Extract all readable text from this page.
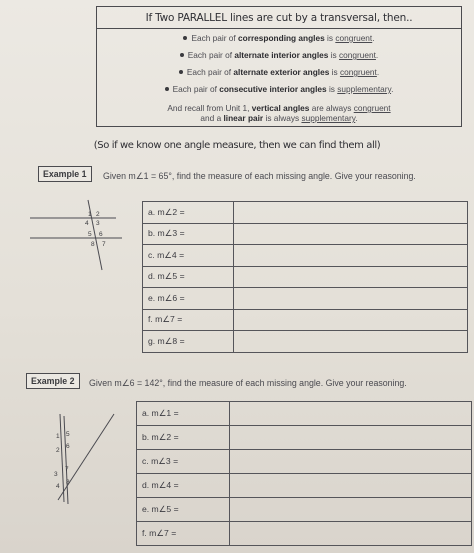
If Two PARALLEL lines are cut by a transversal, then..
Each pair of corresponding angles is congruent.
Each pair of alternate interior angles is congruent.
Each pair of alternate exterior angles is congruent.
Each pair of consecutive interior angles is supplementary.
And recall from Unit 1, vertical angles are always congruent
and a linear pair is always supplementary.
(So if we know one angle measure, then we can find them all)
Example 1	Given m∠1 = 65°, find the measure of each missing angle. Give your reasoning.
1 2
4 3
5 6
8 7
a. m∠2 =	
b. m∠3 =	
c. m∠4 =	
d. m∠5 =	
e. m∠6 =	
f. m∠7 =	
g. m∠8 =	
Example 2	Given m∠6 = 142°, find the measure of each missing angle. Give your reasoning.
1 5
2
6
3
7
4
8
a. m∠1 =	
b. m∠2 =	
c. m∠3 =	
d. m∠4 =	
e. m∠5 =	
f. m∠7 =	
